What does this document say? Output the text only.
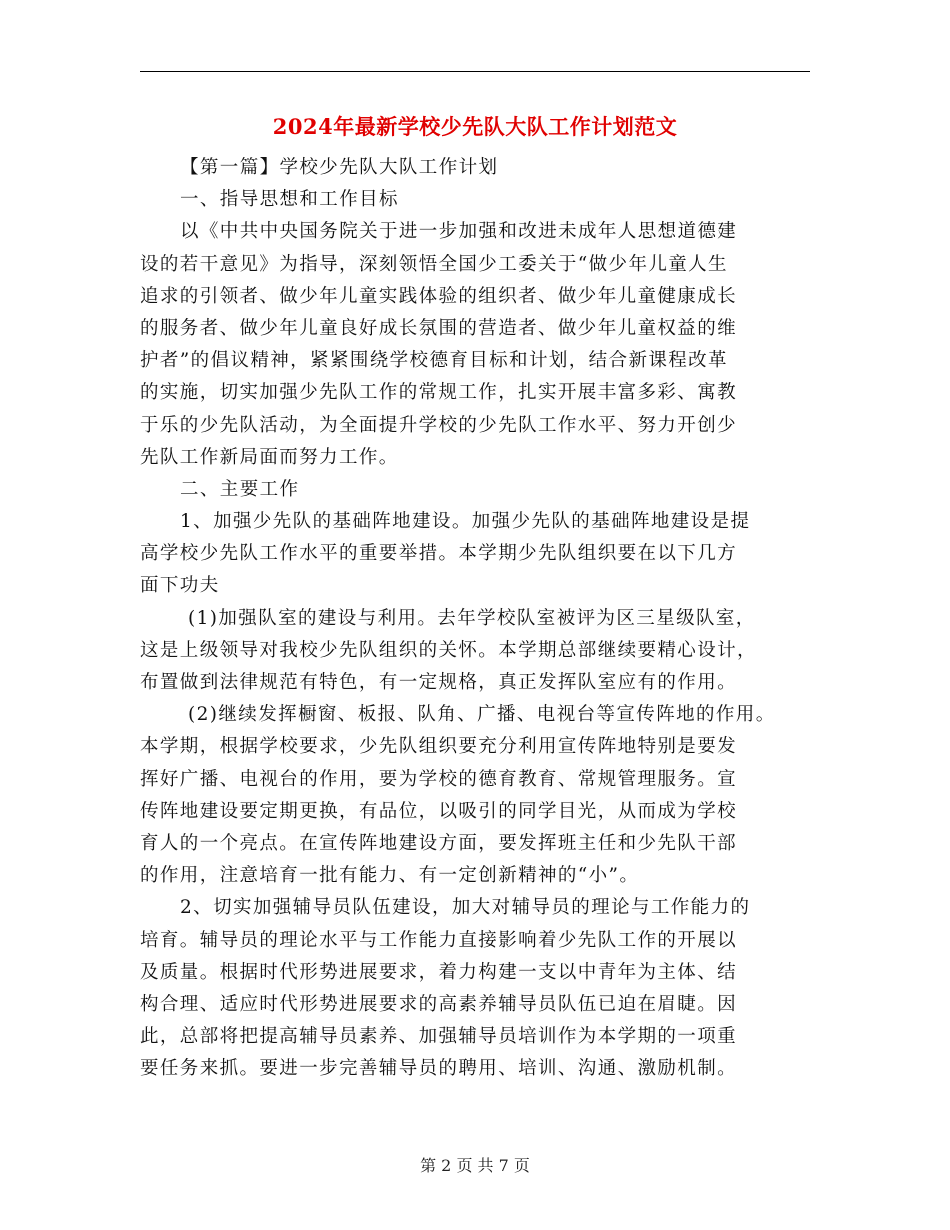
2024年最新学校少先队大队工作计划范文
【第一篇】学校少先队大队工作计划
一、指导思想和工作目标
以《中共中央国务院关于进一步加强和改进未成年人思想道德建
设的若干意见》为指导，深刻领悟全国少工委关于“做少年儿童人生
追求的引领者、做少年儿童实践体验的组织者、做少年儿童健康成长
的服务者、做少年儿童良好成长氛围的营造者、做少年儿童权益的维
护者”的倡议精神，紧紧围绕学校德育目标和计划，结合新课程改革
的实施，切实加强少先队工作的常规工作，扎实开展丰富多彩、寓教
于乐的少先队活动，为全面提升学校的少先队工作水平、努力开创少
先队工作新局面而努力工作。
二、主要工作
1、加强少先队的基础阵地建设。加强少先队的基础阵地建设是提
高学校少先队工作水平的重要举措。本学期少先队组织要在以下几方
面下功夫
(1)加强队室的建设与利用。去年学校队室被评为区三星级队室，
这是上级领导对我校少先队组织的关怀。本学期总部继续要精心设计，
布置做到法律规范有特色，有一定规格，真正发挥队室应有的作用。
(2)继续发挥橱窗、板报、队角、广播、电视台等宣传阵地的作用。
本学期，根据学校要求，少先队组织要充分利用宣传阵地特别是要发
挥好广播、电视台的作用，要为学校的德育教育、常规管理服务。宣
传阵地建设要定期更换，有品位，以吸引的同学目光，从而成为学校
育人的一个亮点。在宣传阵地建设方面，要发挥班主任和少先队干部
的作用，注意培育一批有能力、有一定创新精神的“小”。
2、切实加强辅导员队伍建设，加大对辅导员的理论与工作能力的
培育。辅导员的理论水平与工作能力直接影响着少先队工作的开展以
及质量。根据时代形势进展要求，着力构建一支以中青年为主体、结
构合理、适应时代形势进展要求的高素养辅导员队伍已迫在眉睫。因
此，总部将把提高辅导员素养、加强辅导员培训作为本学期的一项重
要任务来抓。要进一步完善辅导员的聘用、培训、沟通、激励机制。
第 2 页 共 7 页
